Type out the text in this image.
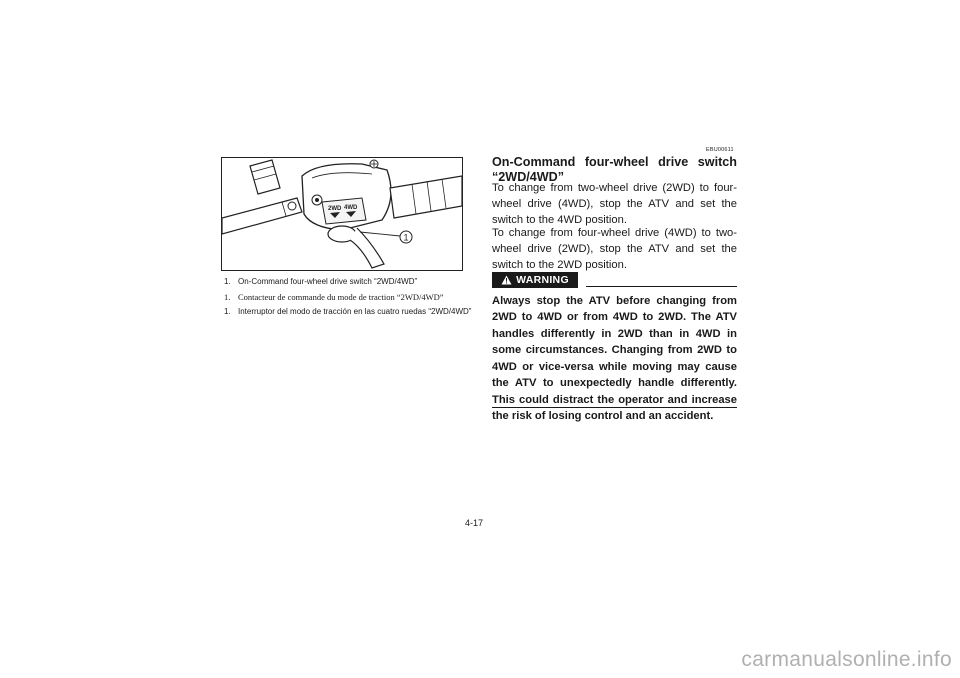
2WD 4WD
1
1. On-Command four-wheel drive switch “2WD/4WD”
1. Contacteur de commande du mode de traction “2WD/4WD”
1. Interruptor del modo de tracción en las cuatro ruedas “2WD/4WD”
EBU00611
On-Command four-wheel drive switch
“2WD/4WD”

To change from two-wheel drive (2WD) to four-wheel drive (4WD), stop the ATV and set the switch to the 4WD position.

To change from four-wheel drive (4WD) to two-wheel drive (2WD), stop the ATV and set the switch to the 2WD position.

WARNING
Always stop the ATV before changing from 2WD to 4WD or from 4WD to 2WD. The ATV handles differently in 2WD than in 4WD in some circumstances. Changing from 2WD to 4WD or vice-versa while moving may cause the ATV to unexpectedly handle differently. This could distract the operator and increase the risk of losing control and an accident.
4-17
carmanualsonline.info
